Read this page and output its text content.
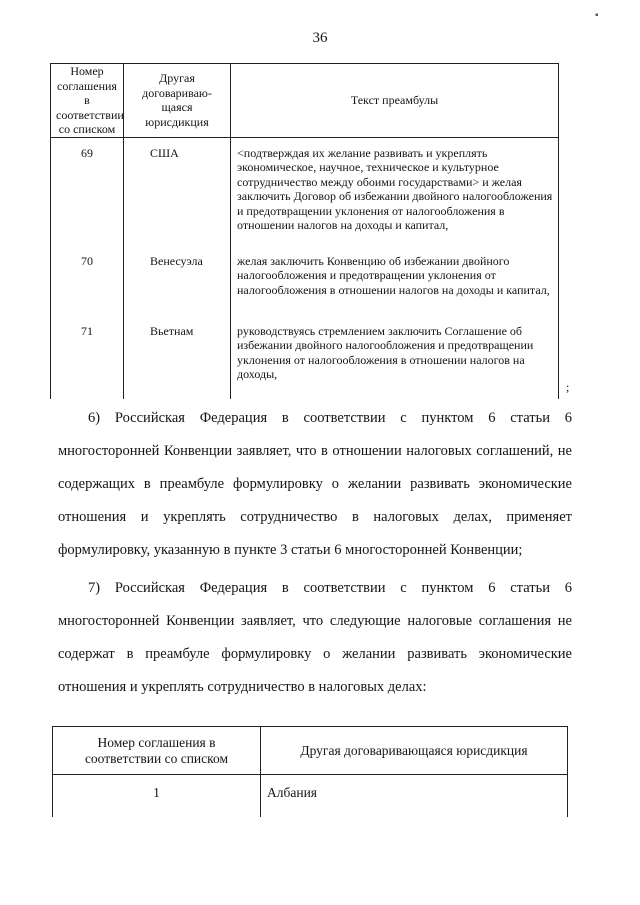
▪
36
Номер соглашения в соответствии со списком	Другая договариваю-щаяся юрисдикция	Текст преамбулы
69	США	<подтверждая их желание развивать и укреплять экономическое, научное, техническое и культурное сотрудничество между обоими государствами> и желая заключить Договор об избежании двойного налогообложения и предотвращении уклонения от налогообложения в отношении налогов на доходы и капитал,
70	Венесуэла	желая заключить Конвенцию об избежании двойного налогообложения и предотвращении уклонения от налогообложения в отношении налогов на доходы и капитал,
71	Вьетнам	руководствуясь стремлением заключить Соглашение об избежании двойного налогообложения и предотвращении уклонения от налогообложения в отношении налогов на доходы,
;

6) Российская Федерация в соответствии с пунктом 6 статьи 6 многосторонней Конвенции заявляет, что в отношении налоговых соглашений, не содержащих в преамбуле формулировку о желании развивать экономические отношения и укреплять сотрудничество в налоговых делах, применяет формулировку, указанную в пункте 3 статьи 6 многосторонней Конвенции;

7) Российская Федерация в соответствии с пунктом 6 статьи 6 многосторонней Конвенции заявляет, что следующие налоговые соглашения не содержат в преамбуле формулировку о желании развивать экономические отношения и укреплять сотрудничество в налоговых делах:

Номер соглашения в соответствии со списком	Другая договаривающаяся юрисдикция
1	Албания
